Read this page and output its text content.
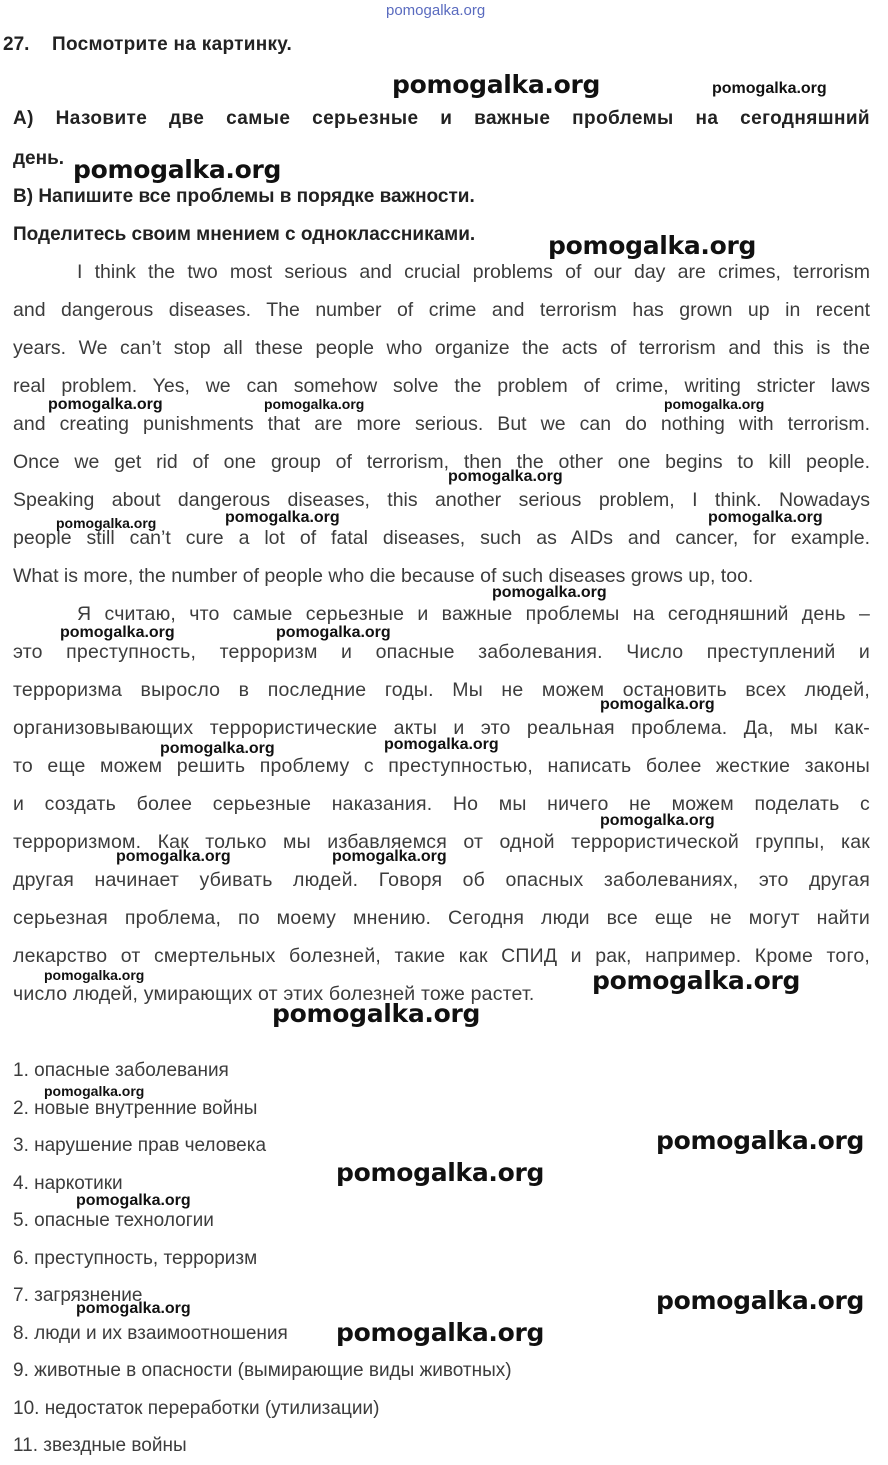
pomogalka.org
27. Посмотрите на картинку.
А) Назовите две самые серьезные и важные проблемы на сегодняшний
день.
В) Напишите все проблемы в порядке важности.
Поделитесь своим мнением с одноклассниками.
I think the two most serious and crucial problems of our day are crimes, terrorism
and dangerous diseases. The number of crime and terrorism has grown up in recent
years. We can’t stop all these people who organize the acts of terrorism and this is the
real problem. Yes, we can somehow solve the problem of crime, writing stricter laws
and creating punishments that are more serious. But we can do nothing with terrorism.
Once we get rid of one group of terrorism, then the other one begins to kill people.
Speaking about dangerous diseases, this another serious problem, I think. Nowadays
people still can’t cure a lot of fatal diseases, such as AIDs and cancer, for example.
What is more, the number of people who die because of such diseases grows up, too.
Я считаю, что самые серьезные и важные проблемы на сегодняшний день –
это преступность, терроризм и опасные заболевания. Число преступлений и
терроризма выросло в последние годы. Мы не можем остановить всех людей,
организовывающих террористические акты и это реальная проблема. Да, мы как-
то еще можем решить проблему с преступностью, написать более жесткие законы
и создать более серьезные наказания. Но мы ничего не можем поделать с
терроризмом. Как только мы избавляемся от одной террористической группы, как
другая начинает убивать людей. Говоря об опасных заболеваниях, это другая
серьезная проблема, по моему мнению. Сегодня люди все еще не могут найти
лекарство от смертельных болезней, такие как СПИД и рак, например. Кроме того,
число людей, умирающих от этих болезней тоже растет.
1. опасные заболевания
2. новые внутренние войны
3. нарушение прав человека
4. наркотики
5. опасные технологии
6. преступность, терроризм
7. загрязнение
8. люди и их взаимоотношения
9. животные в опасности (вымирающие виды животных)
10. недостаток переработки (утилизации)
11. звездные войны
pomogalka.org	pomogalka.org
pomogalka.org
pomogalka.org
pomogalka.org	pomogalka.org	pomogalka.org
pomogalka.org
pomogalka.org	pomogalka.org	pomogalka.org
pomogalka.org
pomogalka.org	pomogalka.org
pomogalka.org
pomogalka.org	pomogalka.org
pomogalka.org
pomogalka.org	pomogalka.org
pomogalka.org	pomogalka.org
pomogalka.org
pomogalka.org
pomogalka.org
pomogalka.org
pomogalka.org
pomogalka.org
pomogalka.org
pomogalka.org
